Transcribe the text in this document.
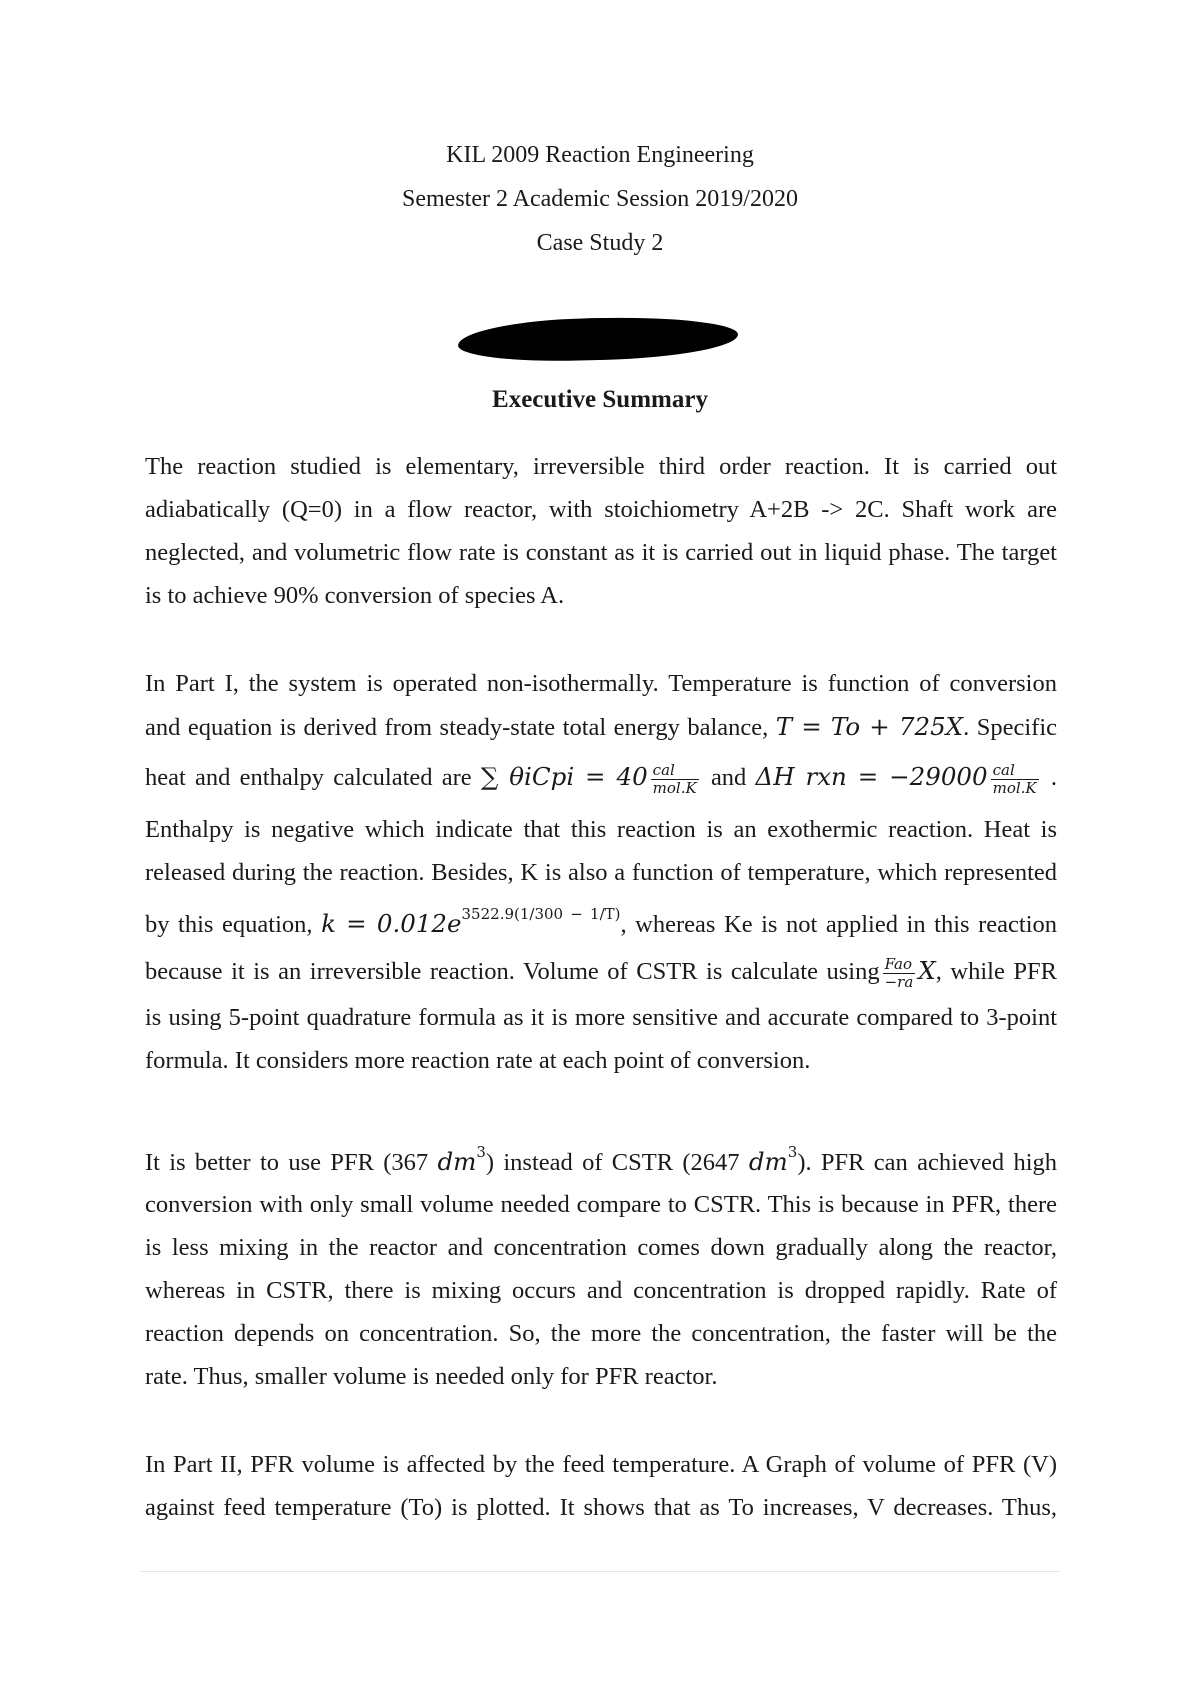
KIL 2009 Reaction Engineering
Semester 2 Academic Session 2019/2020
Case Study 2
Executive Summary
The reaction studied is elementary, irreversible third order reaction. It is carried out
adiabatically (Q=0) in a flow reactor, with stoichiometry A+2B -> 2C. Shaft work are
neglected, and volumetric flow rate is constant as it is carried out in liquid phase. The target
is to achieve 90% conversion of species A.
In Part I, the system is operated non-isothermally. Temperature is function of conversion
and equation is derived from steady-state total energy balance, T = To + 725X. Specific
heat and enthalpy calculated are ∑ θiCpi = $40 \frac{\text{cal}}{\text{mol.K}}$ and ΔH rxn = $-29000 \frac{\text{cal}}{\text{mol.K}}$ .
Enthalpy is negative which indicate that this reaction is an exothermic reaction. Heat is
released during the reaction. Besides, K is also a function of temperature, which represented
by this equation, $k = 0.012e^{3522.9(1/300 - 1/T)}$, whereas Ke is not applied in this reaction
because it is an irreversible reaction. Volume of CSTR is calculate using $\frac{\text{Fao}}{-ra} X$, while PFR
is using 5-point quadrature formula as it is more sensitive and accurate compared to 3-point
formula. It considers more reaction rate at each point of conversion.
It is better to use PFR (367 $dm^3$) instead of CSTR (2647 $dm^3$). PFR can achieved high
conversion with only small volume needed compare to CSTR. This is because in PFR, there
is less mixing in the reactor and concentration comes down gradually along the reactor,
whereas in CSTR, there is mixing occurs and concentration is dropped rapidly. Rate of
reaction depends on concentration. So, the more the concentration, the faster will be the
rate. Thus, smaller volume is needed only for PFR reactor.
In Part II, PFR volume is affected by the feed temperature. A Graph of volume of PFR (V)
against feed temperature (To) is plotted. It shows that as To increases, V decreases. Thus,
